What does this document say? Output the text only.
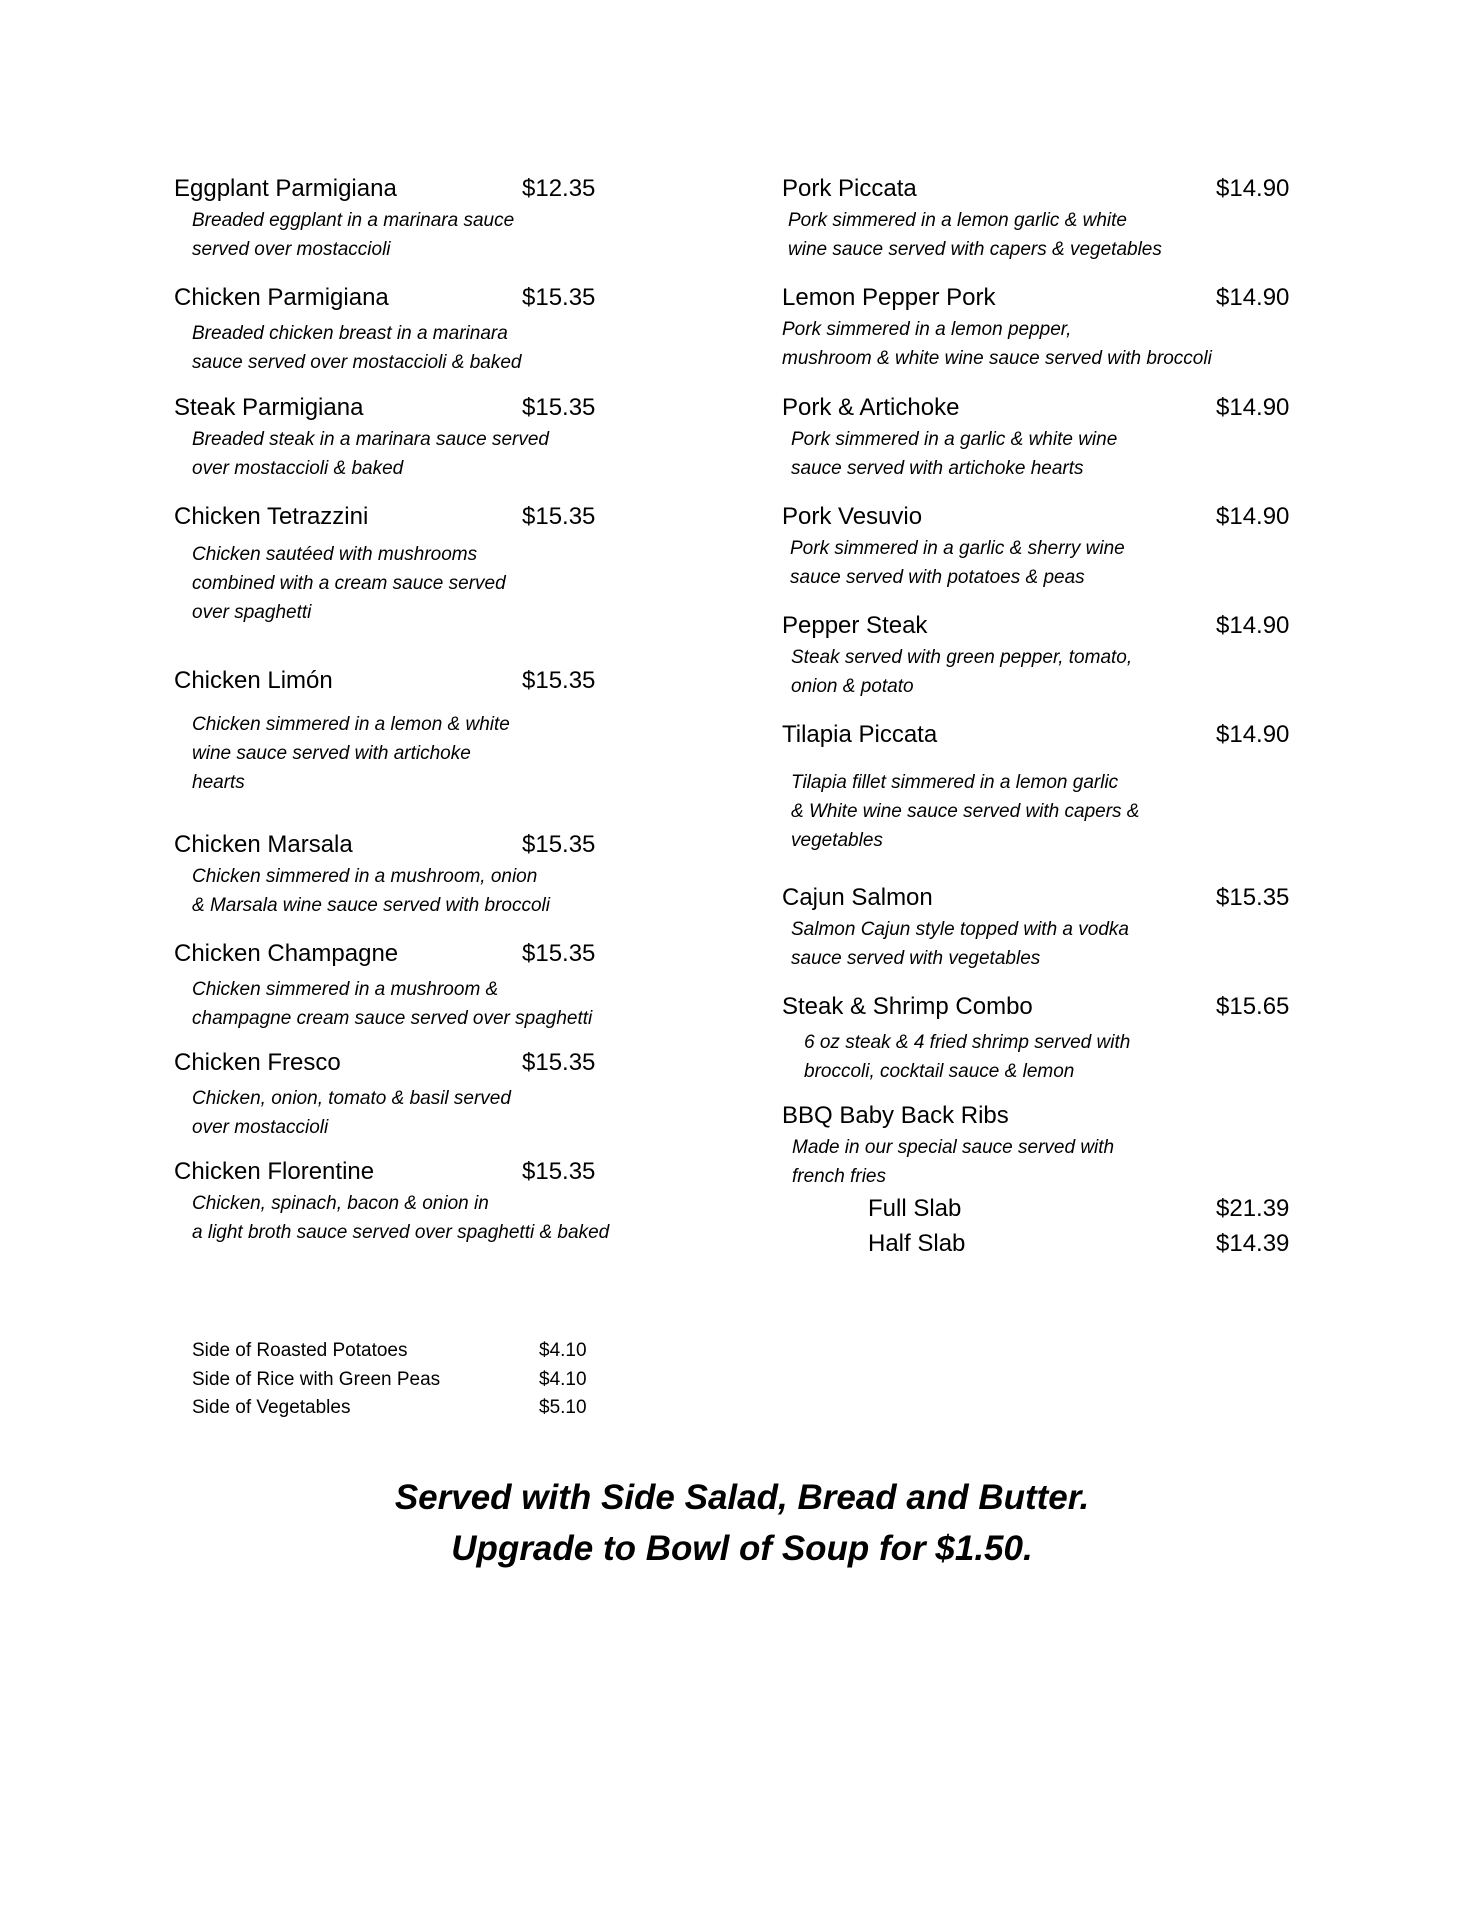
Eggplant Parmigiana	$12.35
Breaded eggplant in a marinara sauce
served over mostaccioli
Chicken Parmigiana	$15.35
Breaded chicken breast in a marinara
sauce served over mostaccioli & baked
Steak Parmigiana	$15.35
Breaded steak in a marinara sauce served
over mostaccioli & baked
Chicken Tetrazzini	$15.35
Chicken sautéed with mushrooms
combined with a cream sauce served
over spaghetti
Chicken Limón	$15.35
Chicken simmered in a lemon & white
wine sauce served with artichoke
hearts
Chicken Marsala	$15.35
Chicken simmered in a mushroom, onion
& Marsala wine sauce served with broccoli
Chicken Champagne	$15.35
Chicken simmered in a mushroom &
champagne cream sauce served over spaghetti
Chicken Fresco	$15.35
Chicken, onion, tomato & basil served
over mostaccioli
Chicken Florentine	$15.35
Chicken, spinach, bacon & onion in
a light broth sauce served over spaghetti & baked
Pork Piccata	$14.90
Pork simmered in a lemon garlic & white
wine sauce served with capers & vegetables
Lemon Pepper Pork	$14.90
Pork simmered in a lemon pepper,
mushroom & white wine sauce served with broccoli
Pork & Artichoke	$14.90
Pork simmered in a garlic & white wine
sauce served with artichoke hearts
Pork Vesuvio	$14.90
Pork simmered in a garlic & sherry wine
sauce served with potatoes & peas
Pepper Steak	$14.90
Steak served with green pepper, tomato,
onion & potato
Tilapia Piccata	$14.90
Tilapia fillet simmered in a lemon garlic
& White wine sauce served with capers &
vegetables
Cajun Salmon	$15.35
Salmon Cajun style topped with a vodka
sauce served with vegetables
Steak & Shrimp Combo	$15.65
6 oz steak & 4 fried shrimp served with
broccoli, cocktail sauce & lemon
BBQ Baby Back Ribs
Made in our special sauce served with
french fries
Full Slab	$21.39
Half Slab	$14.39
Side of Roasted Potatoes	$4.10
Side of Rice with Green Peas	$4.10
Side of Vegetables	$5.10
Served with Side Salad, Bread and Butter.
Upgrade to Bowl of Soup for $1.50.
